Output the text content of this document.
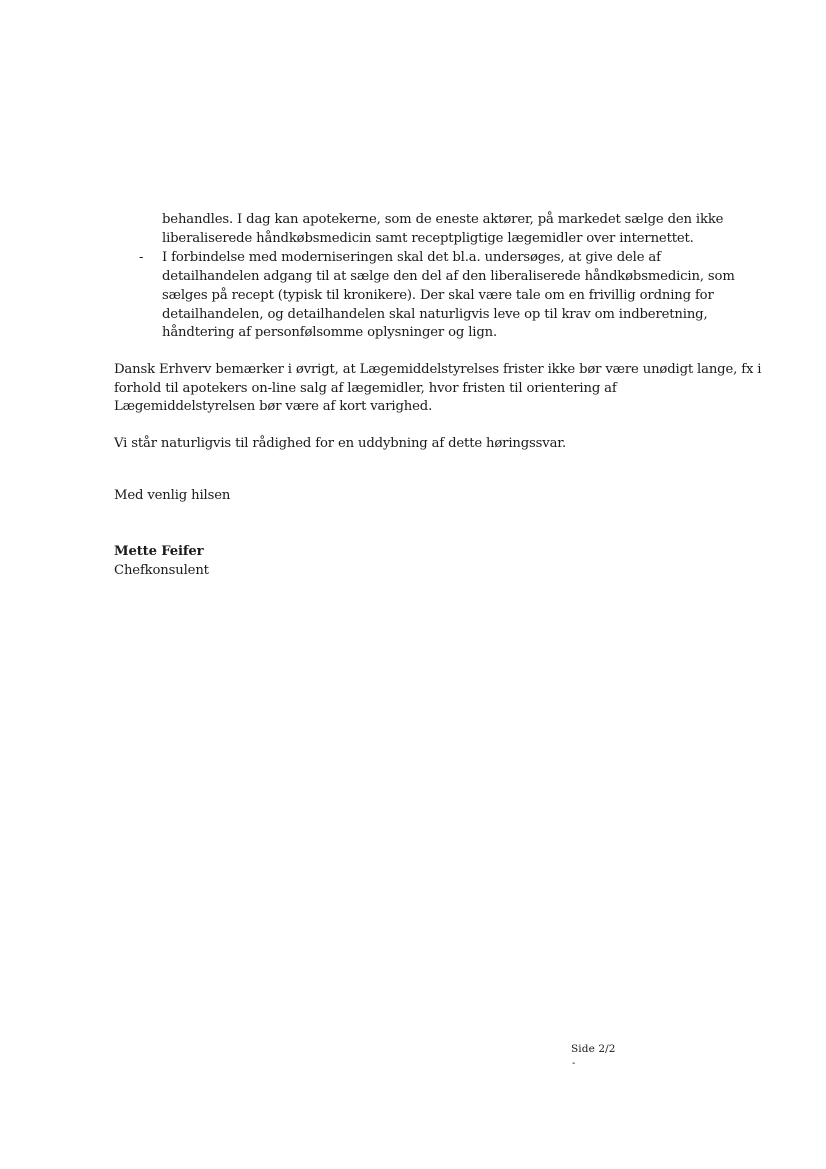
behandles. I dag kan apotekerne, som de eneste aktører, på markedet sælge den ikke
liberaliserede håndkøbsmedicin samt receptpligtige lægemidler over internettet.
- I forbindelse med moderniseringen skal det bl.a. undersøges, at give dele af
detailhandelen adgang til at sælge den del af den liberaliserede håndkøbsmedicin, som
sælges på recept (typisk til kronikere). Der skal være tale om en frivillig ordning for
detailhandelen, og detailhandelen skal naturligvis leve op til krav om indberetning,
håndtering af personfølsomme oplysninger og lign.
Dansk Erhverv bemærker i øvrigt, at Lægemiddelstyrelses frister ikke bør være unødigt lange, fx i
forhold til apotekers on-line salg af lægemidler, hvor fristen til orientering af
Lægemiddelstyrelsen bør være af kort varighed.
Vi står naturligvis til rådighed for en uddybning af dette høringssvar.
Med venlig hilsen
Mette Feifer
Chefkonsulent
Side 2/2
-
